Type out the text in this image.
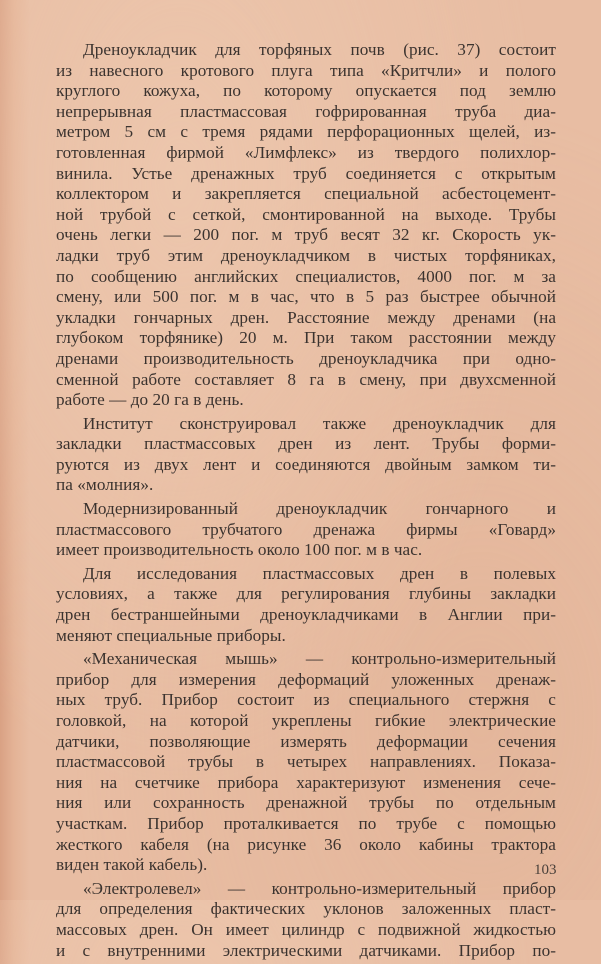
Дреноукладчик для торфяных почв (рис. 37) состоит
из навесного кротового плуга типа «Критчли» и полого
круглого кожуха, по которому опускается под землю
непрерывная пластмассовая гофрированная труба диа-
метром 5 см с тремя рядами перфорационных щелей, из-
готовленная фирмой «Лимфлекс» из твердого полихлор-
винила. Устье дренажных труб соединяется с открытым
коллектором и закрепляется специальной асбестоцемент-
ной трубой с сеткой, смонтированной на выходе. Трубы
очень легки — 200 пог. м труб весят 32 кг. Скорость ук-
ладки труб этим дреноукладчиком в чистых торфяниках,
по сообщению английских специалистов, 4000 пог. м за
смену, или 500 пог. м в час, что в 5 раз быстрее обычной
укладки гончарных дрен. Расстояние между дренами (на
глубоком торфянике) 20 м. При таком расстоянии между
дренами производительность дреноукладчика при одно-
сменной работе составляет 8 га в смену, при двухсменной
работе — до 20 га в день.
Институт сконструировал также дреноукладчик для
закладки пластмассовых дрен из лент. Трубы форми-
руются из двух лент и соединяются двойным замком ти-
па «молния».
Модернизированный дреноукладчик гончарного и
пластмассового трубчатого дренажа фирмы «Говард»
имеет производительность около 100 пог. м в час.
Для исследования пластмассовых дрен в полевых
условиях, а также для регулирования глубины закладки
дрен бестраншейными дреноукладчиками в Англии при-
меняют специальные приборы.
«Механическая мышь» — контрольно-измерительный
прибор для измерения деформаций уложенных дренаж-
ных труб. Прибор состоит из специального стержня с
головкой, на которой укреплены гибкие электрические
датчики, позволяющие измерять деформации сечения
пластмассовой трубы в четырех направлениях. Показа-
ния на счетчике прибора характеризуют изменения сече-
ния или сохранность дренажной трубы по отдельным
участкам. Прибор проталкивается по трубе с помощью
жесткого кабеля (на рисунке 36 около кабины трактора
виден такой кабель).
«Электролевел» — контрольно-измерительный прибор
для определения фактических уклонов заложенных пласт-
массовых дрен. Он имеет цилиндр с подвижной жидкостью
и с внутренними электрическими датчиками. Прибор по-
103
